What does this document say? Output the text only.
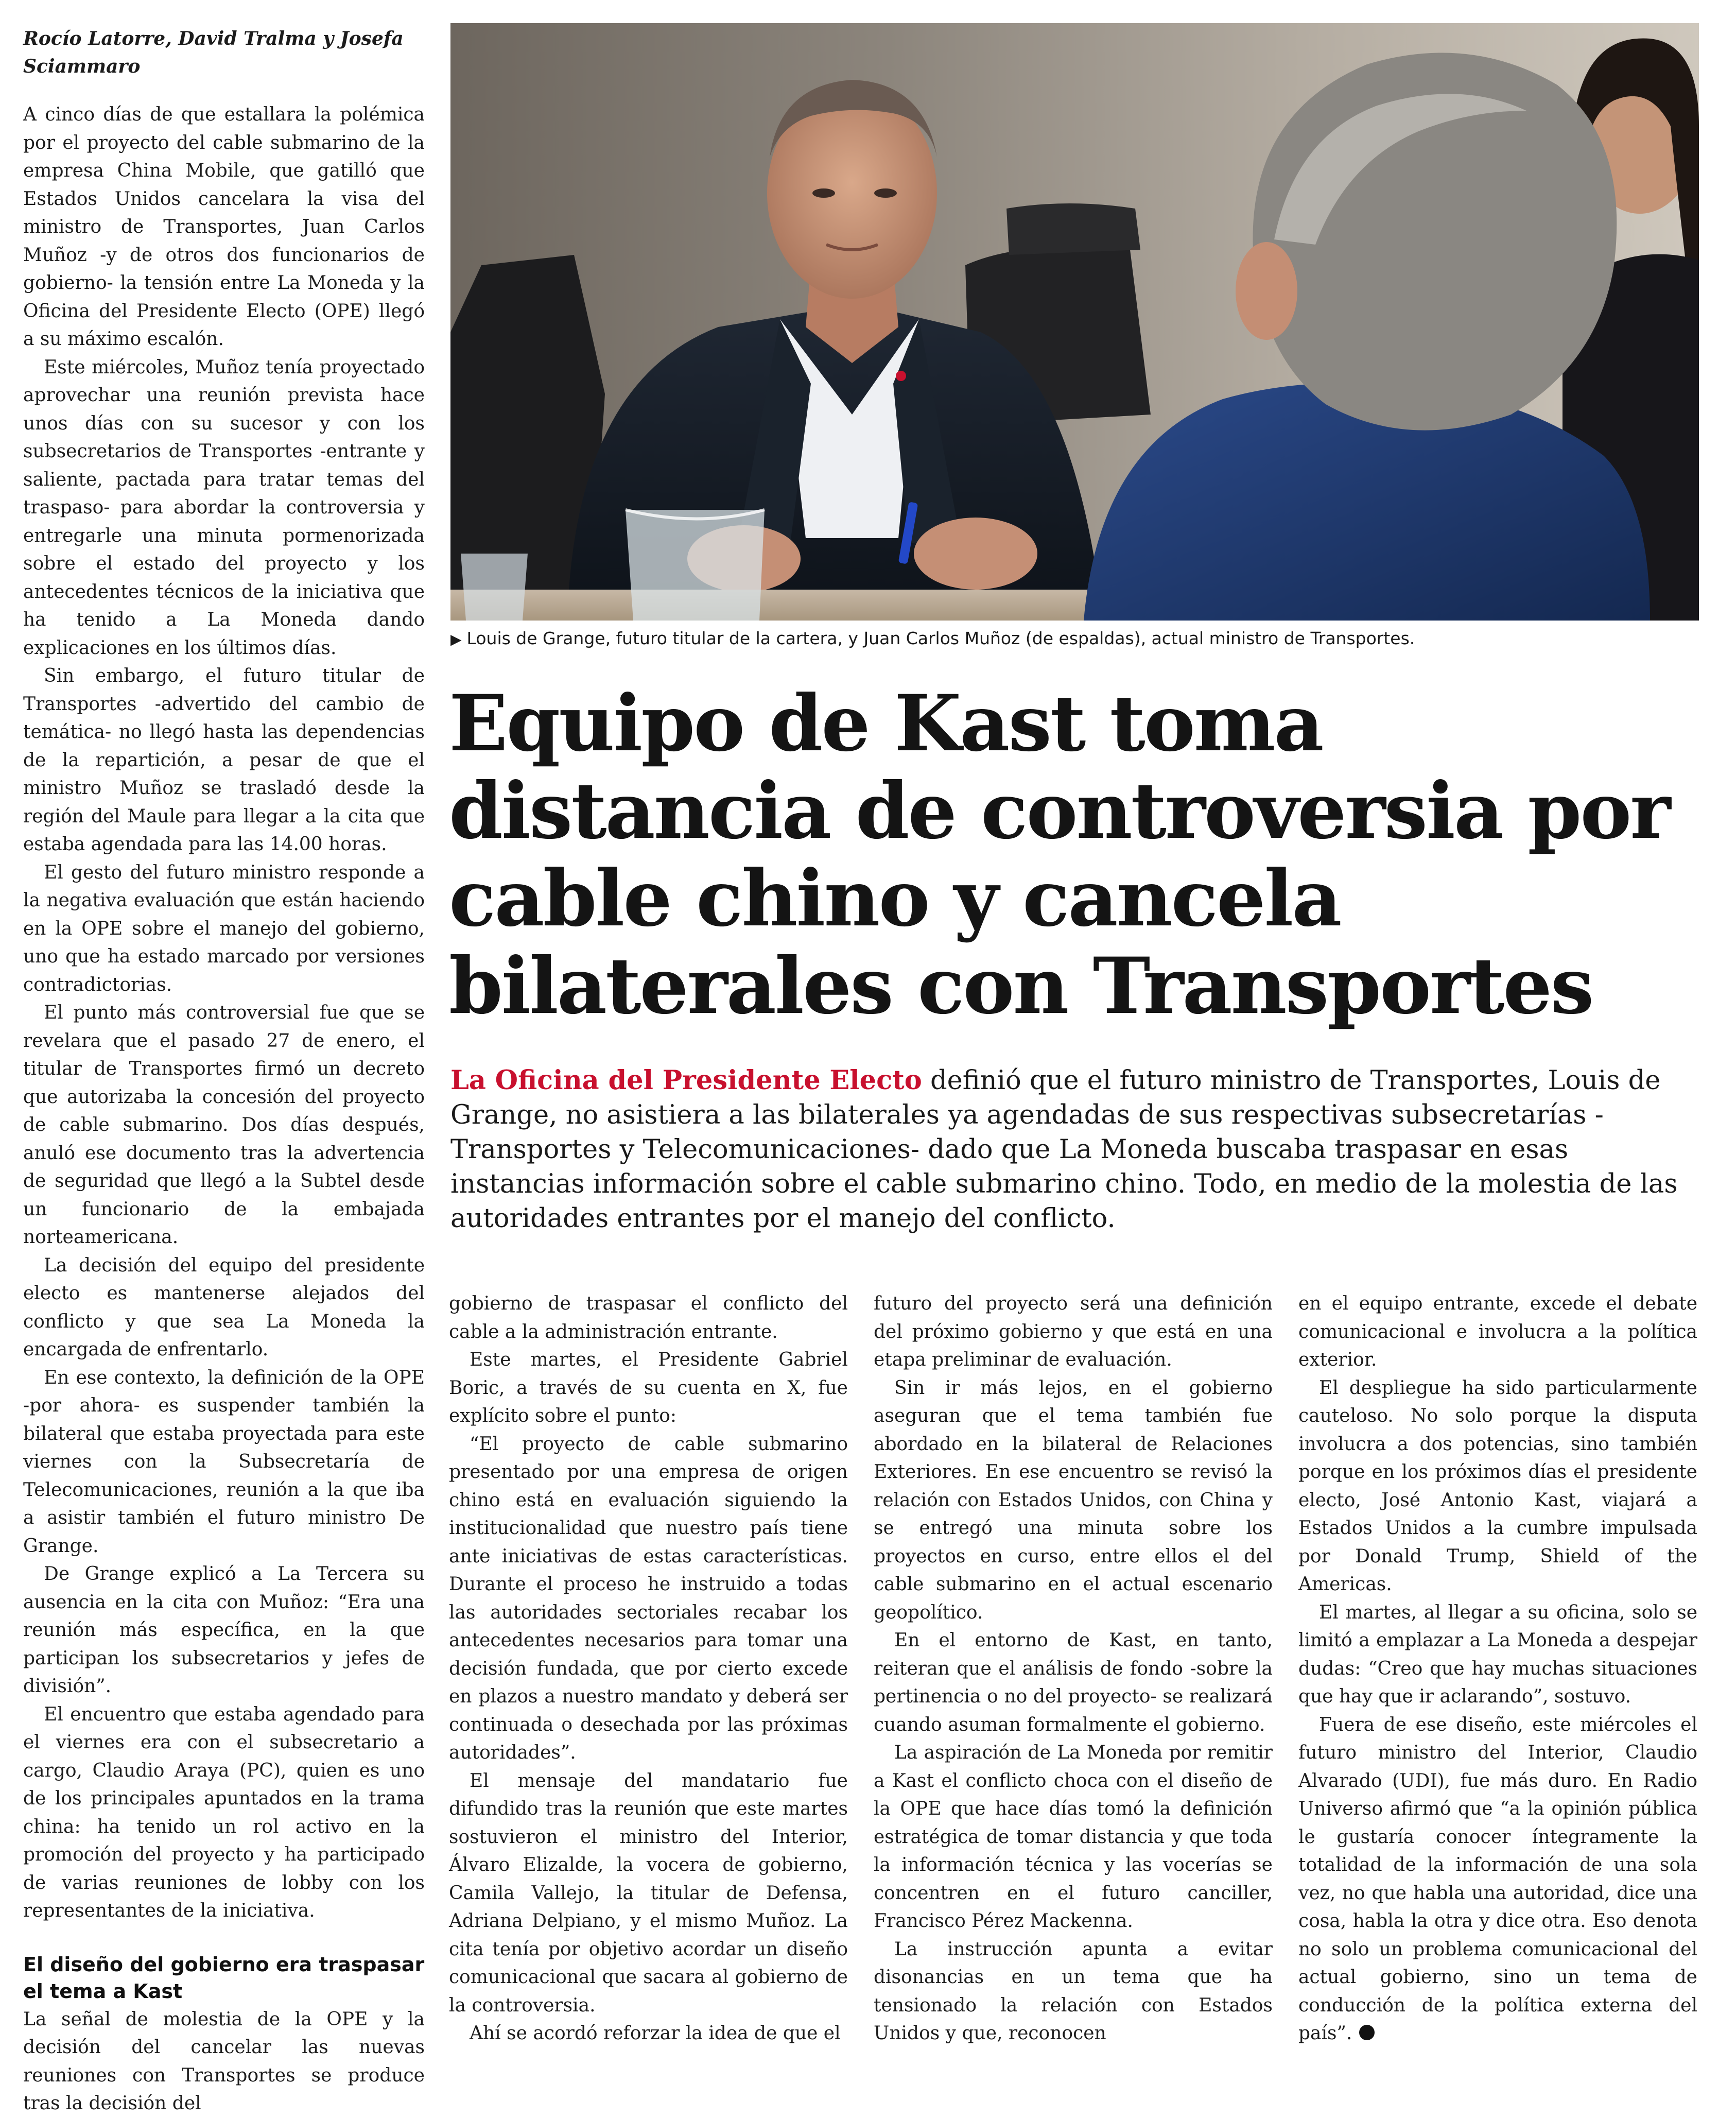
Rocío Latorre, David Tralma y Josefa Sciammaro

A cinco días de que estallara la polémica por el proyecto del cable submarino de la empresa China Mobile, que gatilló que Estados Unidos cancelara la visa del ministro de Transportes, Juan Carlos Muñoz -y de otros dos funcionarios de gobierno- la tensión entre La Moneda y la Oficina del Presidente Electo (OPE) llegó a su máximo escalón.

Este miércoles, Muñoz tenía proyectado aprovechar una reunión prevista hace unos días con su sucesor y con los subsecretarios de Transportes -entrante y saliente, pactada para tratar temas del traspaso- para abordar la controversia y entregarle una minuta pormenorizada sobre el estado del proyecto y los antecedentes técnicos de la iniciativa que ha tenido a La Moneda dando explicaciones en los últimos días.

Sin embargo, el futuro titular de Transportes -advertido del cambio de temática- no llegó hasta las dependencias de la repartición, a pesar de que el ministro Muñoz se trasladó desde la región del Maule para llegar a la cita que estaba agendada para las 14.00 horas.

El gesto del futuro ministro responde a la negativa evaluación que están haciendo en la OPE sobre el manejo del gobierno, uno que ha estado marcado por versiones contradictorias.

El punto más controversial fue que se revelara que el pasado 27 de enero, el titular de Transportes firmó un decreto que autorizaba la concesión del proyecto de cable submarino. Dos días después, anuló ese documento tras la advertencia de seguridad que llegó a la Subtel desde un funcionario de la embajada norteamericana.

La decisión del equipo del presidente electo es mantenerse alejados del conflicto y que sea La Moneda la encargada de enfrentarlo.

En ese contexto, la definición de la OPE -por ahora- es suspender también la bilateral que estaba proyectada para este viernes con la Subsecretaría de Telecomunicaciones, reunión a la que iba a asistir también el futuro ministro De Grange.

De Grange explicó a La Tercera su ausencia en la cita con Muñoz: “Era una reunión más específica, en la que participan los subsecretarios y jefes de división”.

El encuentro que estaba agendado para el viernes era con el subsecretario a cargo, Claudio Araya (PC), quien es uno de los principales apuntados en la trama china: ha tenido un rol activo en la promoción del proyecto y ha participado de varias reuniones de lobby con los representantes de la iniciativa.

El diseño del gobierno era traspasar el tema a Kast

La señal de molestia de la OPE y la decisión del cancelar las nuevas reuniones con Transportes se produce tras la decisión del

▶ Louis de Grange, futuro titular de la cartera, y Juan Carlos Muñoz (de espaldas), actual ministro de Transportes.
Equipo de Kast toma distancia de controversia por cable chino y cancela bilaterales con Transportes
La Oficina del Presidente Electo definió que el futuro ministro de Transportes, Louis de Grange, no asistiera a las bilaterales ya agendadas de sus respectivas subsecretarías -Transportes y Telecomunicaciones- dado que La Moneda buscaba traspasar en esas instancias información sobre el cable submarino chino. Todo, en medio de la molestia de las autoridades entrantes por el manejo del conflicto.

gobierno de traspasar el conflicto del cable a la administración entrante.

Este martes, el Presidente Gabriel Boric, a través de su cuenta en X, fue explícito sobre el punto:

“El proyecto de cable submarino presentado por una empresa de origen chino está en evaluación siguiendo la institucionalidad que nuestro país tiene ante iniciativas de estas características. Durante el proceso he instruido a todas las autoridades sectoriales recabar los antecedentes necesarios para tomar una decisión fundada, que por cierto excede en plazos a nuestro mandato y deberá ser continuada o desechada por las próximas autoridades”.

El mensaje del mandatario fue difundido tras la reunión que este martes sostuvieron el ministro del Interior, Álvaro Elizalde, la vocera de gobierno, Camila Vallejo, la titular de Defensa, Adriana Delpiano, y el mismo Muñoz. La cita tenía por objetivo acordar un diseño comunicacional que sacara al gobierno de la controversia.

Ahí se acordó reforzar la idea de que el

futuro del proyecto será una definición del próximo gobierno y que está en una etapa preliminar de evaluación.

Sin ir más lejos, en el gobierno aseguran que el tema también fue abordado en la bilateral de Relaciones Exteriores. En ese encuentro se revisó la relación con Estados Unidos, con China y se entregó una minuta sobre los proyectos en curso, entre ellos el del cable submarino en el actual escenario geopolítico.

En el entorno de Kast, en tanto, reiteran que el análisis de fondo -sobre la pertinencia o no del proyecto- se realizará cuando asuman formalmente el gobierno.

La aspiración de La Moneda por remitir a Kast el conflicto choca con el diseño de la OPE que hace días tomó la definición estratégica de tomar distancia y que toda la información técnica y las vocerías se concentren en el futuro canciller, Francisco Pérez Mackenna.

La instrucción apunta a evitar disonancias en un tema que ha tensionado la relación con Estados Unidos y que, reconocen

en el equipo entrante, excede el debate comunicacional e involucra a la política exterior.

El despliegue ha sido particularmente cauteloso. No solo porque la disputa involucra a dos potencias, sino también porque en los próximos días el presidente electo, José Antonio Kast, viajará a Estados Unidos a la cumbre impulsada por Donald Trump, Shield of the Americas.

El martes, al llegar a su oficina, solo se limitó a emplazar a La Moneda a despejar dudas: “Creo que hay muchas situaciones que hay que ir aclarando”, sostuvo.

Fuera de ese diseño, este miércoles el futuro ministro del Interior, Claudio Alvarado (UDI), fue más duro. En Radio Universo afirmó que “a la opinión pública le gustaría conocer íntegramente la totalidad de la información de una sola vez, no que habla una autoridad, dice una cosa, habla la otra y dice otra. Eso denota no solo un problema comunicacional del actual gobierno, sino un tema de conducción de la política externa del país”.
